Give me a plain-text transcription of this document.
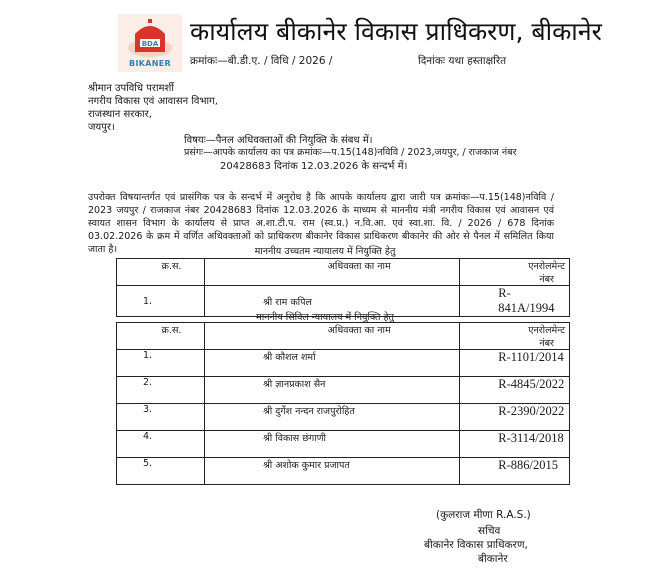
BDA
BIKANER
कार्यालय बीकानेर विकास प्राधिकरण, बीकानेर
क्रमांकः—बी.डी.ए. / विधि / 2026 /	दिनांकः यथा हस्ताक्षरित
श्रीमान उपविधि परामर्शी
नगरीय विकास एवं आवासन विभाग,
राजस्थान सरकार,
जयपुर।
विषयः—पैनल अधिवक्ताओं की नियुक्ति के संबध में।
प्रसंगः—आपके कार्यालय का पत्र क्रमांकः—प.15(148)नविवि / 2023,जयपुर, / राजकाज नंबर
20428683 दिनांक 12.03.2026 के सन्दर्भ में।
उपरोक्त विषयान्तर्गत एवं प्रासंगिक पत्र के सन्दर्भ में अनुरोध है कि आपके कार्यालय द्वारा जारी पत्र क्रमांकः—प.15(148)नविवि / 2023 जयपुर / राजकाज नंबर 20428683 दिनांक 12.03.2026 के माध्यम से माननीय मंत्री नगरीय विकास एवं आवासन एवं स्वायत शासन विभाग के कार्यालय से प्राप्त अ.शा.टी.प. राम (स्व.प्र.) न.वि.आ. एवं स्वा.शा. वि. / 2026 / 678 दिनांक 03.02.2026 के क्रम में वर्णित अधिवक्ताओं को प्राधिकरण बीकानेर विकास प्राधिकरण बीकानेर की ओर से पैनल में समिलित किया जाता है।	माननीय उच्चतम न्यायालय में नियुक्ति हेतु
क्र.स.	अधिवक्ता का नाम	एनरोलमेन्ट नंबर
1.	श्री राम कपिल	R-841A/1994
माननीय सिविल न्यायालय में नियुक्ति हेतु
क्र.स.	अधिवक्ता का नाम	एनरोलमेन्ट नंबर
1.	श्री कौशल शर्मा	R-1101/2014
2.	श्री ज्ञानप्रकाश सैन	R-4845/2022
3.	श्री दुर्गेश नन्दन राजपुरोहित	R-2390/2022
4.	श्री विकास छंगाणी	R-3114/2018
5.	श्री अशोक कुमार प्रजापत	R-886/2015
(कुलराज मीणा R.A.S.)
सचिव
बीकानेर विकास प्राधिकरण,
बीकानेर
